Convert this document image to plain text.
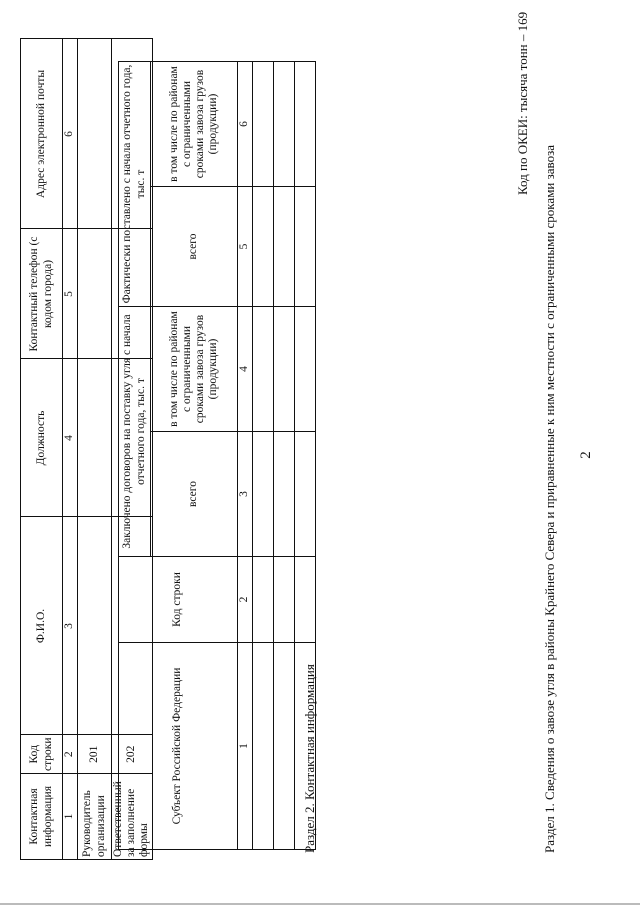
2
Раздел 1. Сведения о завозе угля в районы Крайнего Севера и приравненные к ним местности с ограниченными сроками завоза
Код по ОКЕИ: тысяча тонн – 169
Субъект Российской Федерации	Код строки	Заключено договоров на поставку угля с начала отчетного года, тыс. т		Фактически поставлено с начала отчетного года, тыс. т	
		всего	в том числе по районам с ограниченными сроками завоза грузов (продукции)	всего	в том числе по районам с ограниченными сроками завоза грузов (продукции)
1	2	3	4	5	6

Раздел 2. Контактная информация
Контактная информация	Код строки	Ф.И.О.	Должность	Контактный телефон (с кодом города)	Адрес электронной почты
1	2	3	4	5	6
Руководитель организации	201				
Ответственный за заполнение формы	202				
